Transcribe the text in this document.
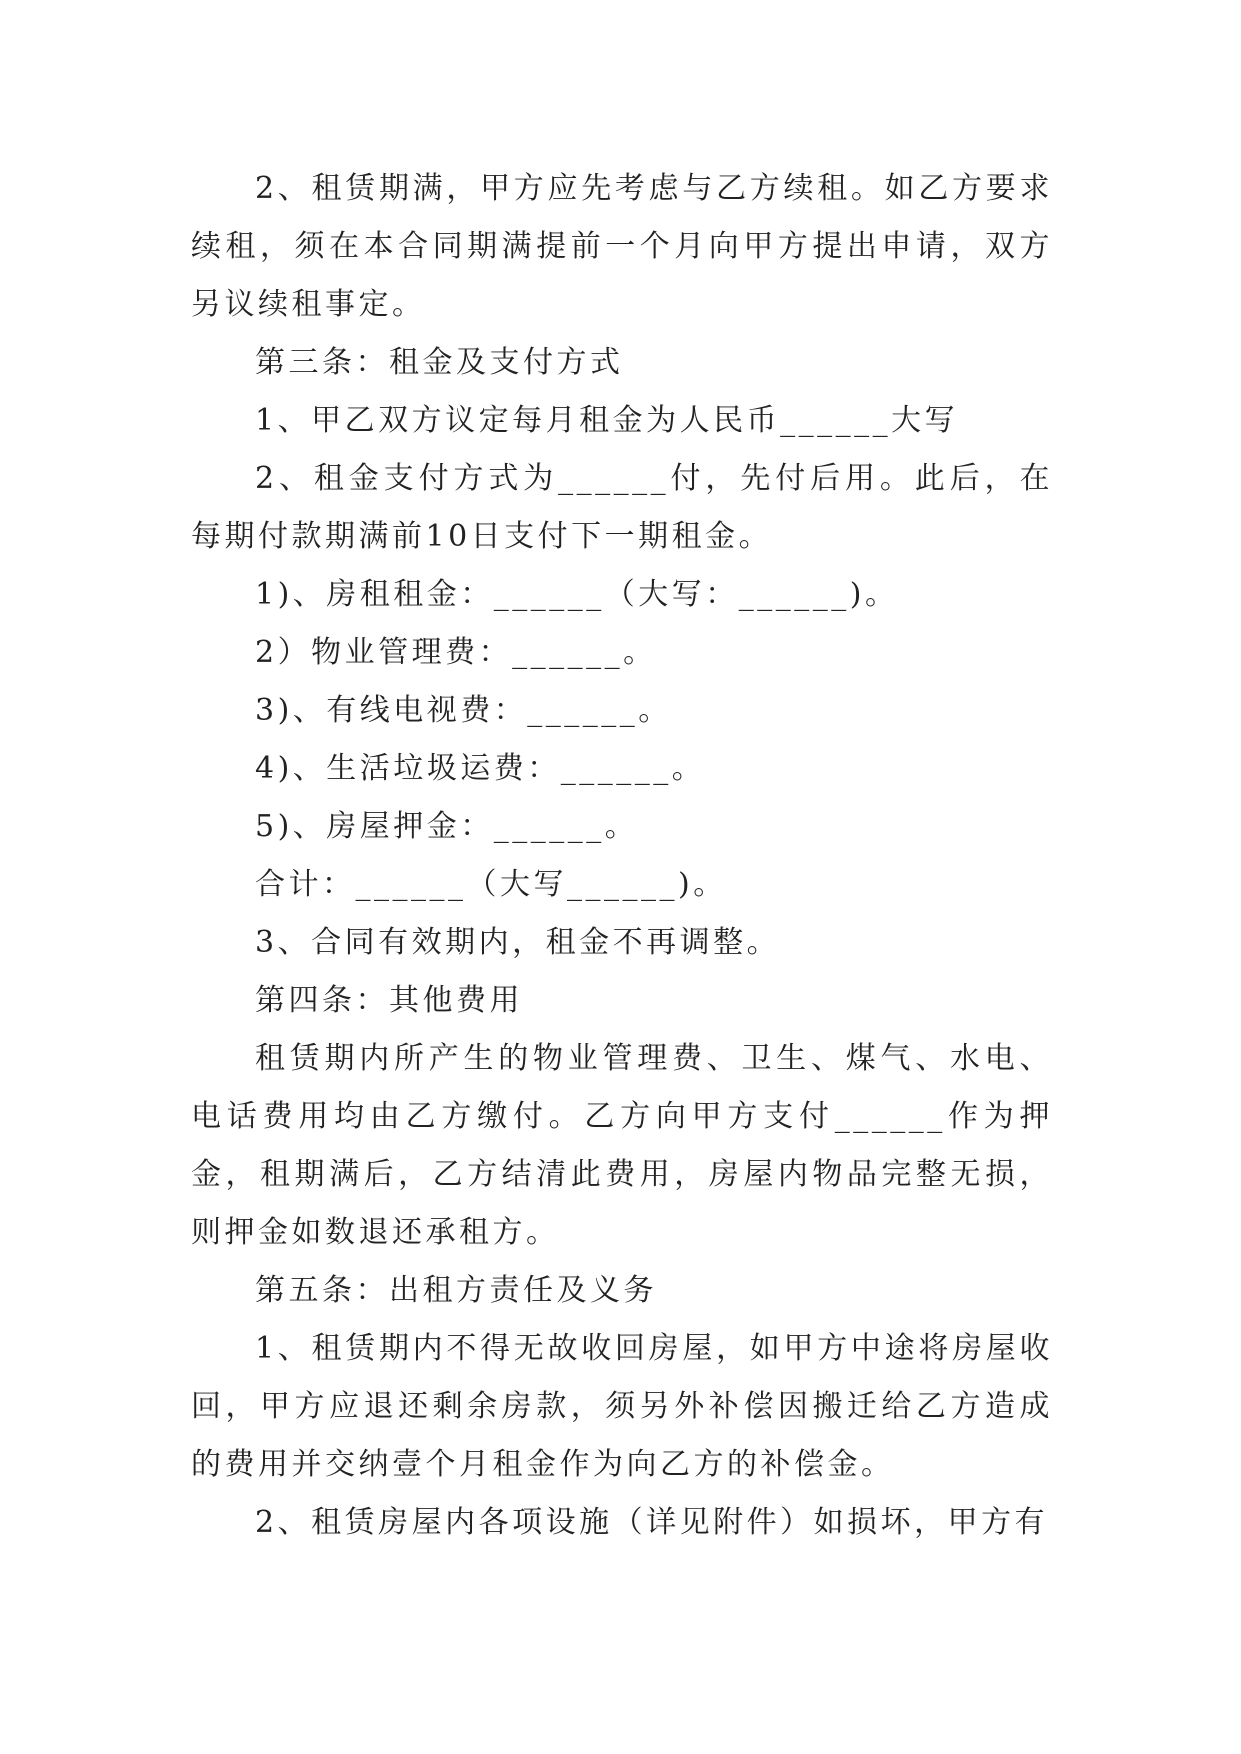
2、租赁期满，甲方应先考虑与乙方续租。如乙方要求续租，须在本合同期满提前一个月向甲方提出申请，双方另议续租事定。

第三条：租金及支付方式

1、甲乙双方议定每月租金为人民币______大写

2、租金支付方式为______付，先付后用。此后，在每期付款期满前10日支付下一期租金。

1)、房租租金：______（大写：______)。

2）物业管理费：______。

3)、有线电视费：______。

4)、生活垃圾运费：______。

5)、房屋押金：______。

合计：______（大写______)。

3、合同有效期内，租金不再调整。

第四条：其他费用

租赁期内所产生的物业管理费、卫生、煤气、水电、电话费用均由乙方缴付。乙方向甲方支付______作为押金，租期满后，乙方结清此费用，房屋内物品完整无损，则押金如数退还承租方。

第五条：出租方责任及义务

1、租赁期内不得无故收回房屋，如甲方中途将房屋收回，甲方应退还剩余房款，须另外补偿因搬迁给乙方造成的费用并交纳壹个月租金作为向乙方的补偿金。

2、租赁房屋内各项设施（详见附件）如损坏，甲方有
